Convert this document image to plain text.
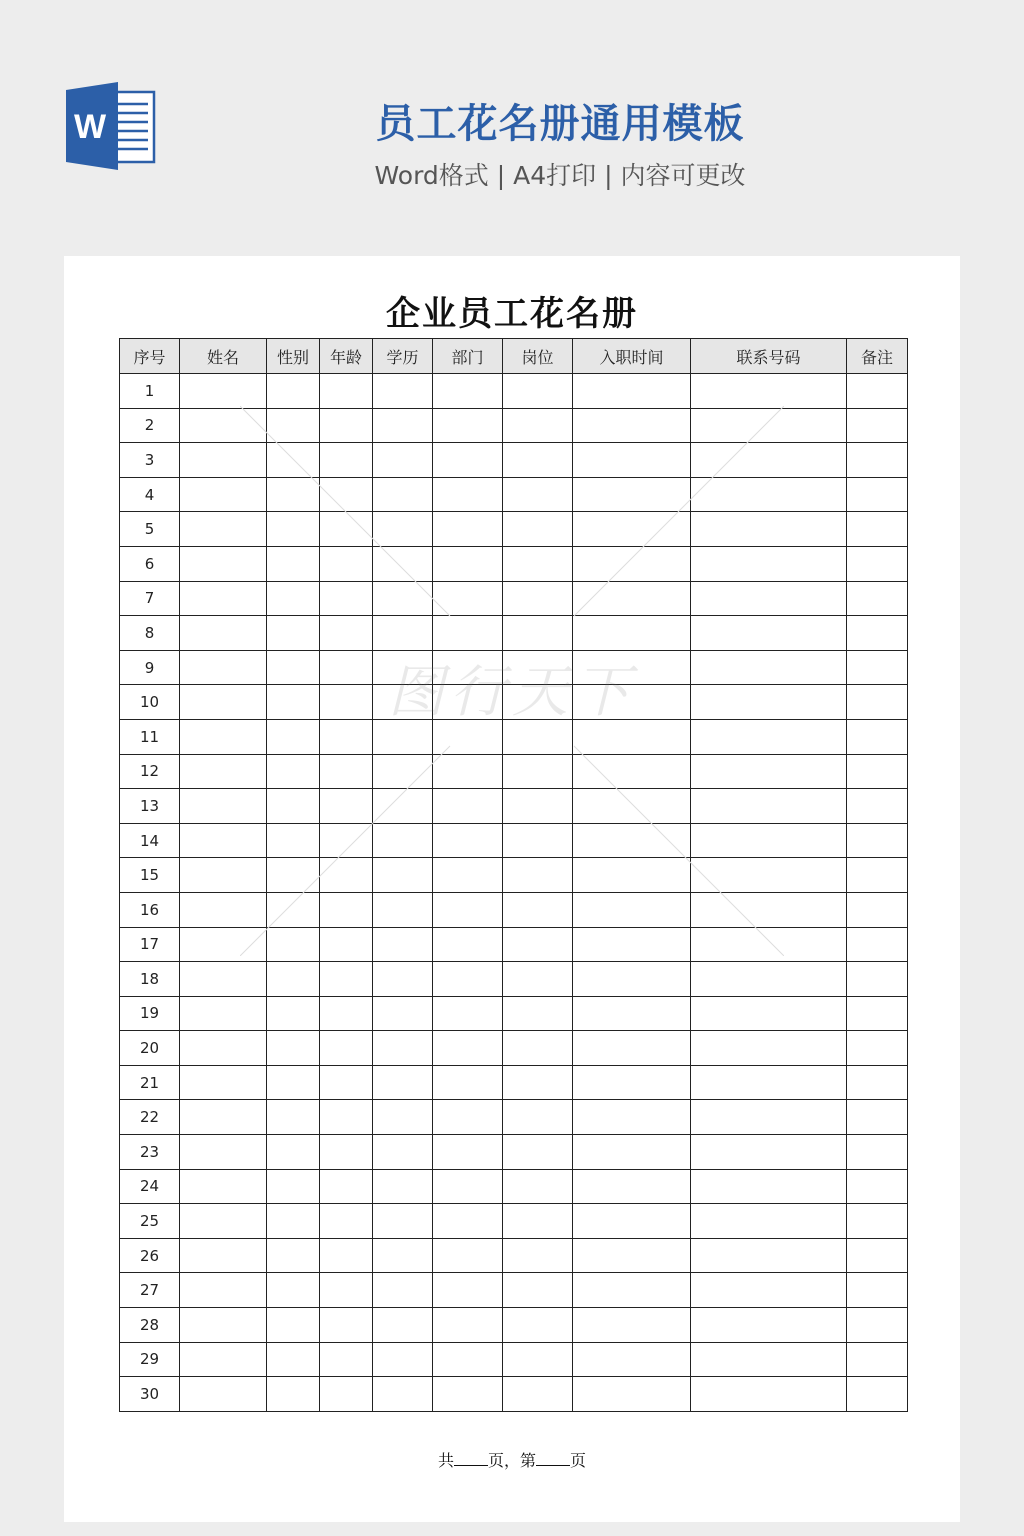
W	员工花名册通用模板
Word格式 | A4打印 | 内容可更改
企业员工花名册
序号	姓名	性别	年龄	学历	部门	岗位	入职时间	联系号码	备注
1									
2									
3									
4									
5									
6									
7									
8									
9									
10									
11									
12									
13									
14									
15									
16									
17									
18									
19									
20									
21									
22									
23									
24									
25									
26									
27									
28									
29									
30									
图行天下
共 页，第 页
